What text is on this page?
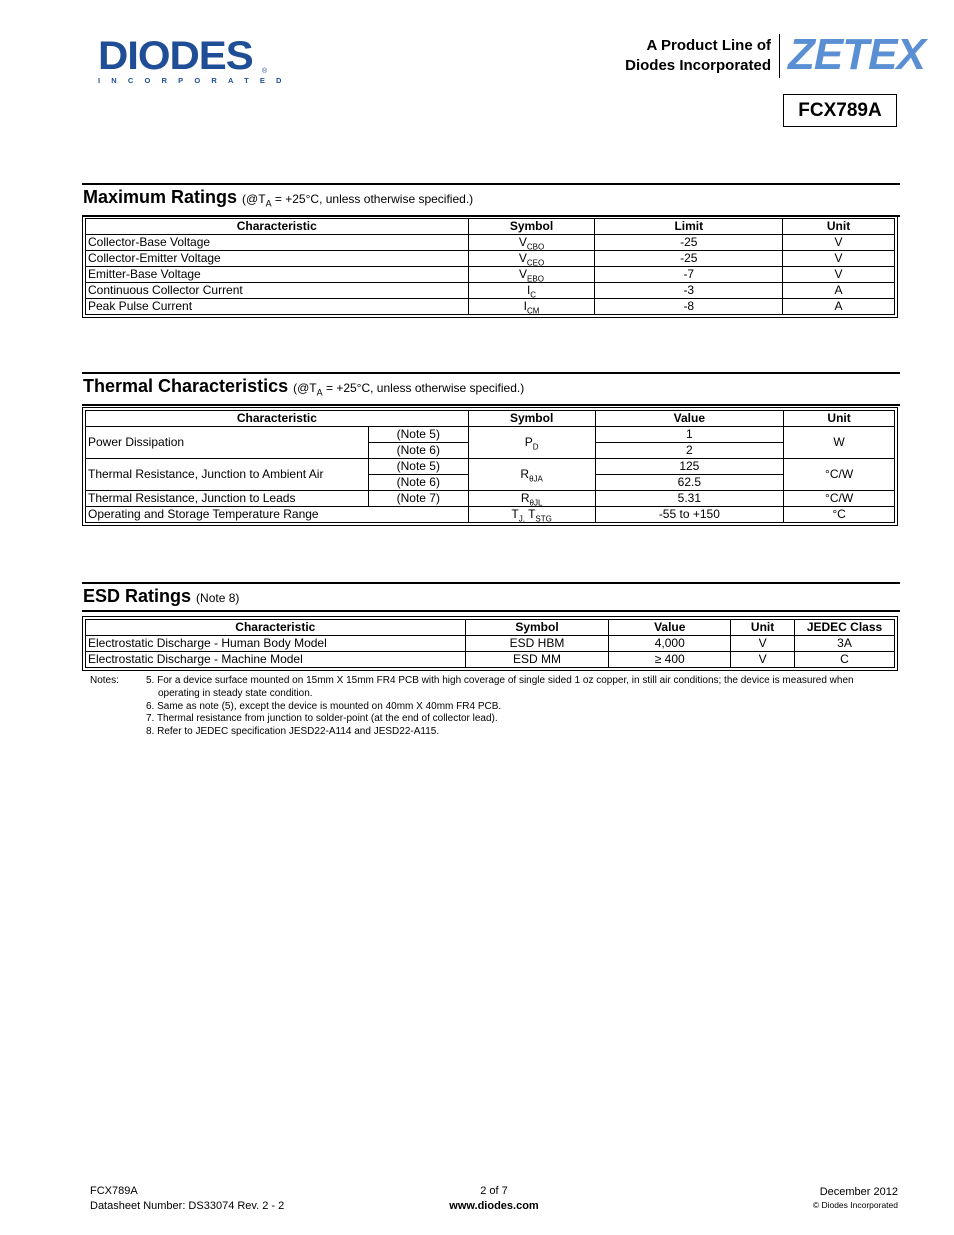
DIODES
INCORPORATED
®
A Product Line of
Diodes Incorporated ZETEX
FCX789A
Maximum Ratings ($@T_A = +25^\circ C$, unless otherwise specified.)
Characteristic	Symbol	Limit	Unit
Collector-Base Voltage	$V_{CBO}$	-25	V
Collector-Emitter Voltage	$V_{CEO}$	-25	V
Emitter-Base Voltage	$V_{EBO}$	-7	V
Continuous Collector Current	$I_C$	-3	A
Peak Pulse Current	$I_{CM}$	-8	A
Thermal Characteristics ($@T_A = +25^\circ C$, unless otherwise specified.)
Characteristic		Symbol	Value	Unit
Power Dissipation	(Note 5)	$P_D$	1	W
	(Note 6)		2	
Thermal Resistance, Junction to Ambient Air	(Note 5)	$R_{\theta JA}$	125	°C/W
	(Note 6)		62.5	
Thermal Resistance, Junction to Leads	(Note 7)	$R_{\theta JL}$	5.31	°C/W
Operating and Storage Temperature Range		$T_{J,}$ $T_{STG}$	-55 to +150	°C
ESD Ratings (Note 8)
Characteristic	Symbol	Value	Unit	JEDEC Class
Electrostatic Discharge - Human Body Model	ESD HBM	4,000	V	3A
Electrostatic Discharge - Machine Model	ESD MM	≥ 400	V	C
Notes:	5. For a device surface mounted on 15mm X 15mm FR4 PCB with high coverage of single sided 1 oz copper, in still air conditions; the device is measured when operating in steady state condition.
6. Same as note (5), except the device is mounted on 40mm X 40mm FR4 PCB.
7. Thermal resistance from junction to solder-point (at the end of collector lead).
8. Refer to JEDEC specification JESD22-A114 and JESD22-A115.
FCX789A
Datasheet Number: DS33074 Rev. 2 - 2
2 of 7
www.diodes.com
December 2012
© Diodes Incorporated
